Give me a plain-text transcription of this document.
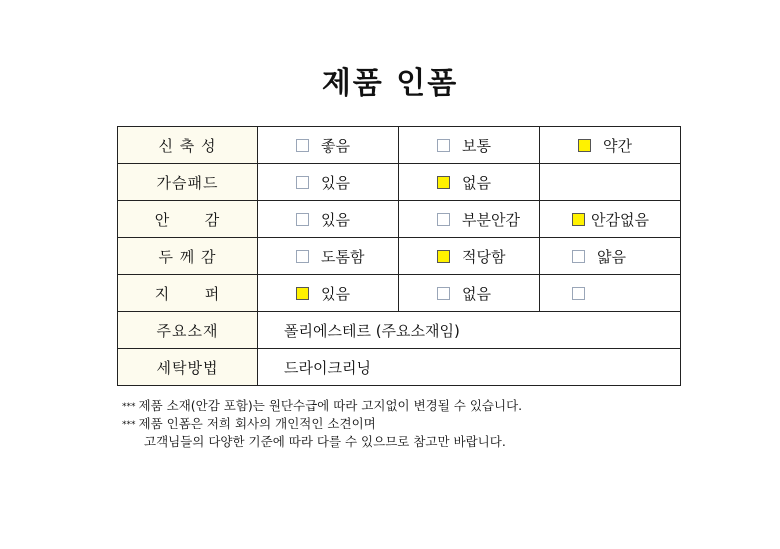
제품 인폼
신 축 성	좋음	보통	약간

가슴패드	있음	없음	

안      감	있음	부분안감	안감없음

두 께 감	도톰함	적당함	얇음

지      퍼	있음	없음	

주요소재	폴리에스테르 (주요소재임)		
세탁방법	드라이크리닝		
*** 제품 소재(안감 포함)는 원단수급에 따라 고지없이 변경될 수 있습니다.
*** 제품 인폼은 저희 회사의 개인적인 소견이며
고객님들의 다양한 기준에 따라 다를 수 있으므로 참고만 바랍니다.
